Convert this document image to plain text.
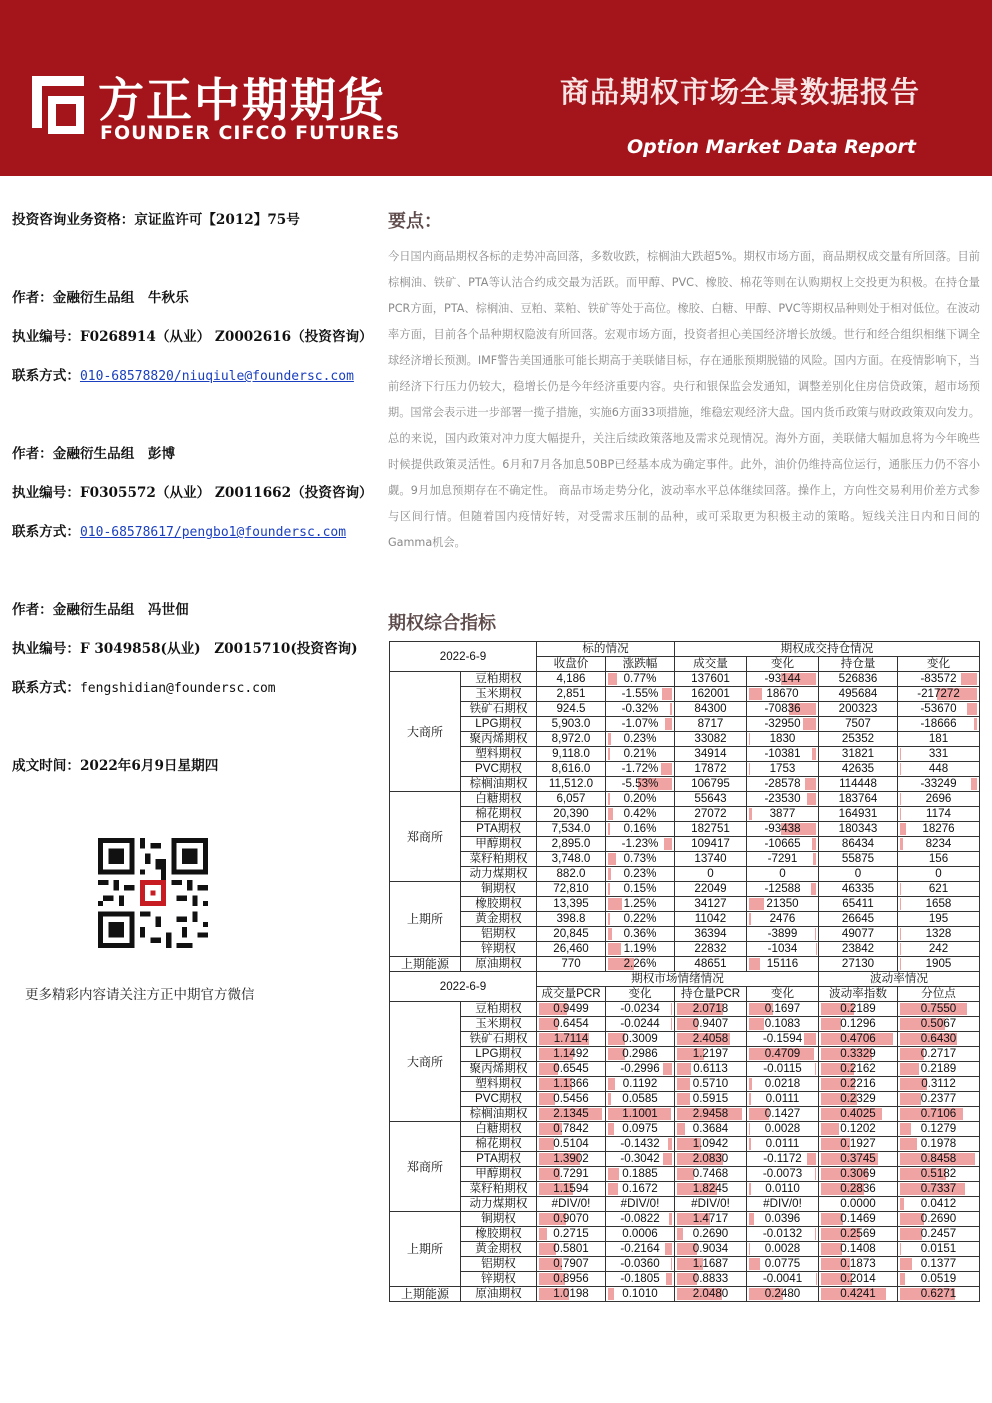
方正中期期货
FOUNDER CIFCO FUTURES
商品期权市场全景数据报告
Option Market Data Report
投资咨询业务资格：京证监许可【2012】75号
作者：金融衍生品组　牛秋乐
执业编号：F0268914（从业） Z0002616（投资咨询）
联系方式：010-68578820/niuqiule@foundersc.com
作者：金融衍生品组　彭博
执业编号：F0305572（从业） Z0011662（投资咨询）
联系方式：010-68578617/pengbo1@foundersc.com
作者：金融衍生品组　冯世佃
执业编号：F 3049858(从业)　Z0015710(投资咨询)
联系方式：fengshidian@foundersc.com
成文时间：2022年6月9日星期四
更多精彩内容请关注方正中期官方微信
要点：
今日国内商品期权各标的走势冲高回落，多数收跌，棕榈油大跌超5%。期权市场方面，商品期权成交量有所回落。目前棕榈油、铁矿、PTA等认沽合约成交最为活跃。而甲醇、PVC、橡胶、棉花等则在认购期权上交投更为积极。在持仓量PCR方面，PTA、棕榈油、豆粕、菜粕、铁矿等处于高位。橡胶、白糖、甲醇、PVC等期权品种则处于相对低位。在波动率方面，目前各个品种期权隐波有所回落。宏观市场方面，投资者担心美国经济增长放缓。世行和经合组织相继下调全球经济增长预测。IMF警告美国通胀可能长期高于美联储目标，存在通胀预期脱锚的风险。国内方面。在疫情影响下，当前经济下行压力仍较大，稳增长仍是今年经济重要内容。央行和银保监会发通知，调整差别化住房信贷政策，超市场预期。国常会表示进一步部署一揽子措施，实施6方面33项措施，维稳宏观经济大盘。国内货币政策与财政政策双向发力。总的来说，国内政策对冲力度大幅提升，关注后续政策落地及需求兑现情况。海外方面，美联储大幅加息将为今年晚些时候提供政策灵活性。6月和7月各加息50BP已经基本成为确定事件。此外，油价仍维持高位运行，通胀压力仍不容小觑。9月加息预期存在不确定性。 商品市场走势分化，波动率水平总体继续回落。操作上，方向性交易利用价差方式参与区间行情。但随着国内疫情好转，对受需求压制的品种，或可采取更为积极主动的策略。短线关注日内和日间的Gamma机会。
期权综合指标
2022-6-9		标的情况		期权成交持仓情况			
		收盘价	涨跌幅	成交量	变化	持仓量	变化
大商所	豆粕期权	4,186	0.77%	137601	-93144	526836	-83572
	玉米期权	2,851	-1.55%	162001	18670	495684	-217272
	铁矿石期权	924.5	-0.32%	84300	-70836	200323	-53670
	LPG期权	5,903.0	-1.07%	8717	-32950	7507	-18666
	聚丙烯期权	8,972.0	0.23%	33082	1830	25352	181
	塑料期权	9,118.0	0.21%	34914	-10381	31821	331
	PVC期权	8,616.0	-1.72%	17872	1753	42635	448
	棕榈油期权	11,512.0	-5.53%	106795	-28578	114448	-33249
郑商所	白糖期权	6,057	0.20%	55643	-23530	183764	2696
	棉花期权	20,390	0.42%	27072	3877	164931	1174
	PTA期权	7,534.0	0.16%	182751	-93438	180343	18276
	甲醇期权	2,895.0	-1.23%	109417	-10665	86434	8234
	菜籽粕期权	3,748.0	0.73%	13740	-7291	55875	156
	动力煤期权	882.0	0.23%	0	0	0	0
上期所	铜期权	72,810	0.15%	22049	-12588	46335	621
	橡胶期权	13,395	1.25%	34127	21350	65411	1658
	黄金期权	398.8	0.22%	11042	2476	26645	195
	铝期权	20,845	0.36%	36394	-3899	49077	1328
	锌期权	26,460	1.19%	22832	-1034	23842	242
上期能源	原油期权	770	2.26%	48651	15116	27130	1905
2022-6-9		期权市场情绪情况				波动率情况	
		成交量PCR	变化	持仓量PCR	变化	波动率指数	分位点
大商所	豆粕期权	0.9499	-0.0234	2.0718	0.1697	0.2189	0.7550
	玉米期权	0.6454	-0.0244	0.9407	0.1083	0.1296	0.5067
	铁矿石期权	1.7114	0.3009	2.4058	-0.1594	0.4706	0.6430
	LPG期权	1.1492	0.2986	1.2197	0.4709	0.3329	0.2717
	聚丙烯期权	0.6545	-0.2996	0.6113	-0.0115	0.2162	0.2189
	塑料期权	1.1366	0.1192	0.5710	0.0218	0.2216	0.3112
	PVC期权	0.5456	0.0585	0.5915	0.0111	0.2329	0.2377
	棕榈油期权	2.1345	1.1001	2.9458	0.1427	0.4025	0.7106
郑商所	白糖期权	0.7842	0.0975	0.3684	0.0028	0.1202	0.1279
	棉花期权	0.5104	-0.1432	1.0942	0.0111	0.1927	0.1978
	PTA期权	1.3902	-0.3042	2.0830	-0.1172	0.3745	0.8458
	甲醇期权	0.7291	0.1885	0.7468	-0.0073	0.3069	0.5182
	菜籽粕期权	1.1594	0.1672	1.8245	0.0110	0.2836	0.7337
	动力煤期权	#DIV/0!	#DIV/0!	#DIV/0!	#DIV/0!	0.0000	0.0412
上期所	铜期权	0.9070	-0.0822	1.4717	0.0396	0.1469	0.2690
	橡胶期权	0.2715	0.0006	0.2690	-0.0132	0.2569	0.2457
	黄金期权	0.5801	-0.2164	0.9034	0.0028	0.1408	0.0151
	铝期权	0.7907	-0.0360	1.1687	0.0775	0.1873	0.1377
	锌期权	0.8956	-0.1805	0.8833	-0.0041	0.2014	0.0519
上期能源	原油期权	1.0198	0.1010	2.0480	0.2480	0.4241	0.6271
